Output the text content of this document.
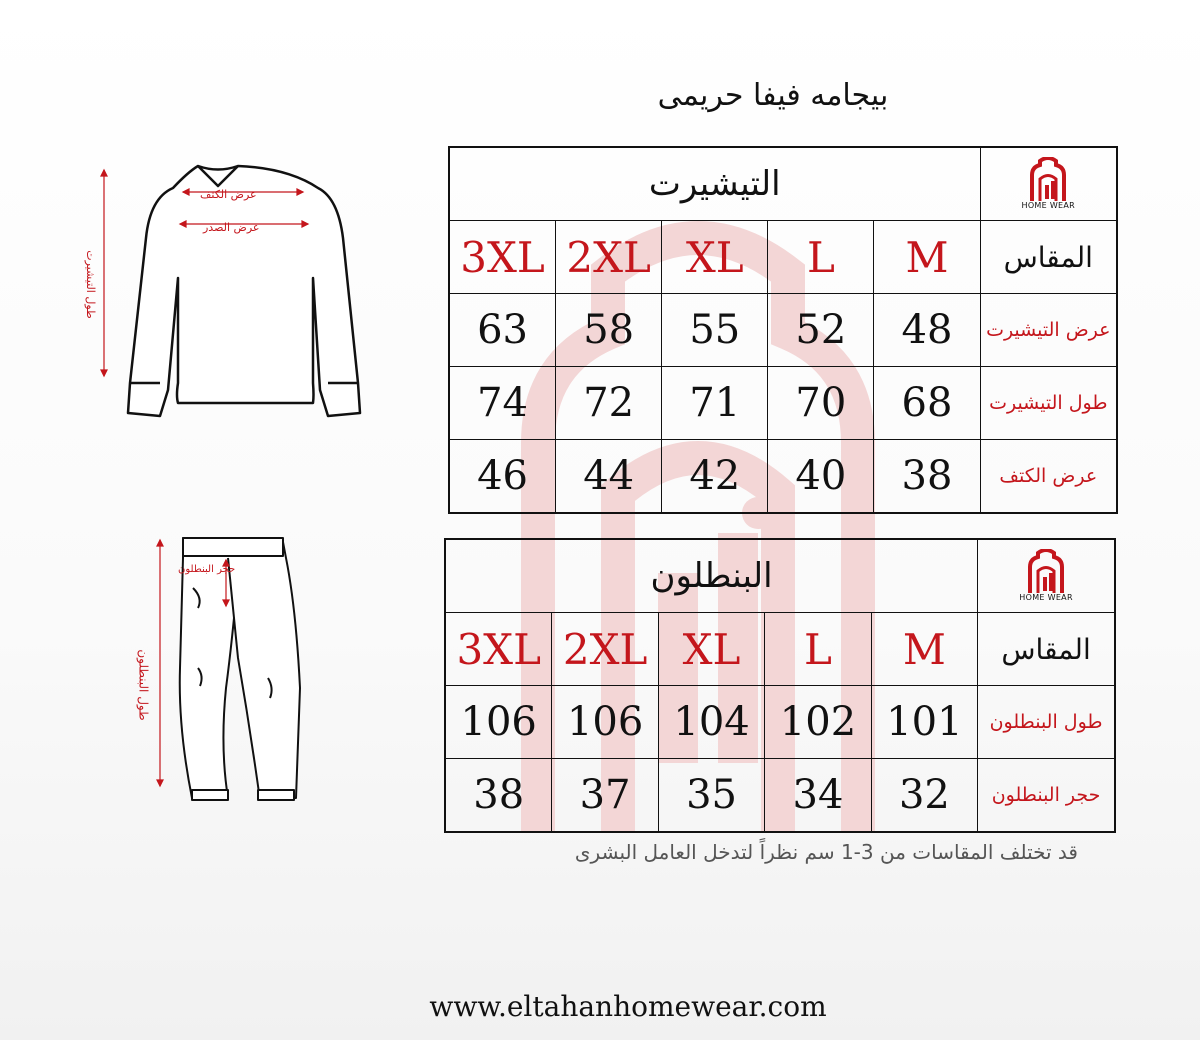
بيجامه فيفا حريمى
عرض الكتف
عرض الصدر
طول التيشيرت
حجر البنطلون
طول البنطلون
التيشيرت					HOME WEAR

3XL	2XL	XL	L	M	المقاس
63	58	55	52	48	عرض التيشيرت
74	72	71	70	68	طول التيشيرت
46	44	42	40	38	عرض الكتف
البنطلون					HOME WEAR

3XL	2XL	XL	L	M	المقاس
106	106	104	102	101	طول البنطلون
38	37	35	34	32	حجر البنطلون
قد تختلف المقاسات من 3-1 سم نظراً لتدخل العامل البشرى
www.eltahanhomewear.com
